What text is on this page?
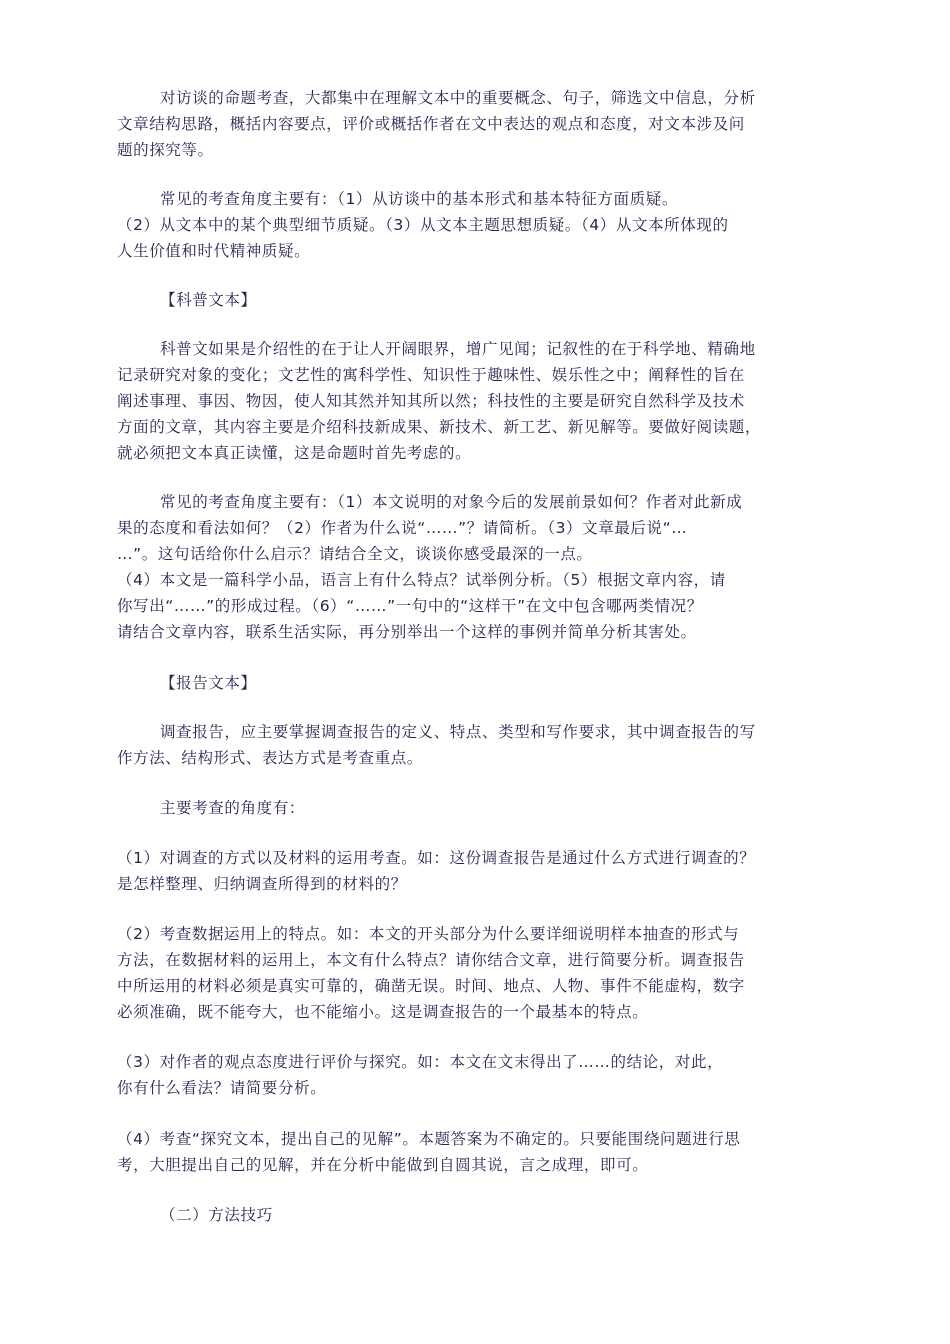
对访谈的命题考查，大都集中在理解文本中的重要概念、句子，筛选文中信息，分析
文章结构思路，概括内容要点，评价或概括作者在文中表达的观点和态度，对文本涉及问
题的探究等。
常见的考查角度主要有：（1）从访谈中的基本形式和基本特征方面质疑。
（2）从文本中的某个典型细节质疑。（3）从文本主题思想质疑。（4）从文本所体现的
人生价值和时代精神质疑。
【科普文本】
科普文如果是介绍性的在于让人开阔眼界，增广见闻；记叙性的在于科学地、精确地
记录研究对象的变化；文艺性的寓科学性、知识性于趣味性、娱乐性之中；阐释性的旨在
阐述事理、事因、物因，使人知其然并知其所以然；科技性的主要是研究自然科学及技术
方面的文章，其内容主要是介绍科技新成果、新技术、新工艺、新见解等。要做好阅读题，
就必须把文本真正读懂，这是命题时首先考虑的。
常见的考查角度主要有：（1）本文说明的对象今后的发展前景如何？作者对此新成
果的态度和看法如何？（2）作者为什么说“……”？请简析。（3）文章最后说“…
…”。这句话给你什么启示？请结合全文，谈谈你感受最深的一点。
（4）本文是一篇科学小品，语言上有什么特点？试举例分析。（5）根据文章内容，请
你写出“……”的形成过程。（6）“……”一句中的“这样干”在文中包含哪两类情况？
请结合文章内容，联系生活实际，再分别举出一个这样的事例并简单分析其害处。
【报告文本】
调查报告，应主要掌握调查报告的定义、特点、类型和写作要求，其中调查报告的写
作方法、结构形式、表达方式是考查重点。
主要考查的角度有：
（1）对调查的方式以及材料的运用考查。如：这份调查报告是通过什么方式进行调查的？
是怎样整理、归纳调查所得到的材料的？
（2）考查数据运用上的特点。如：本文的开头部分为什么要详细说明样本抽查的形式与
方法，在数据材料的运用上，本文有什么特点？请你结合文章，进行简要分析。调查报告
中所运用的材料必须是真实可靠的，确凿无误。时间、地点、人物、事件不能虚构，数字
必须准确，既不能夸大，也不能缩小。这是调查报告的一个最基本的特点。
（3）对作者的观点态度进行评价与探究。如：本文在文末得出了……的结论，对此，
你有什么看法？请简要分析。
（4）考查“探究文本，提出自己的见解”。本题答案为不确定的。只要能围绕问题进行思
考，大胆提出自己的见解，并在分析中能做到自圆其说，言之成理，即可。
（二）方法技巧
